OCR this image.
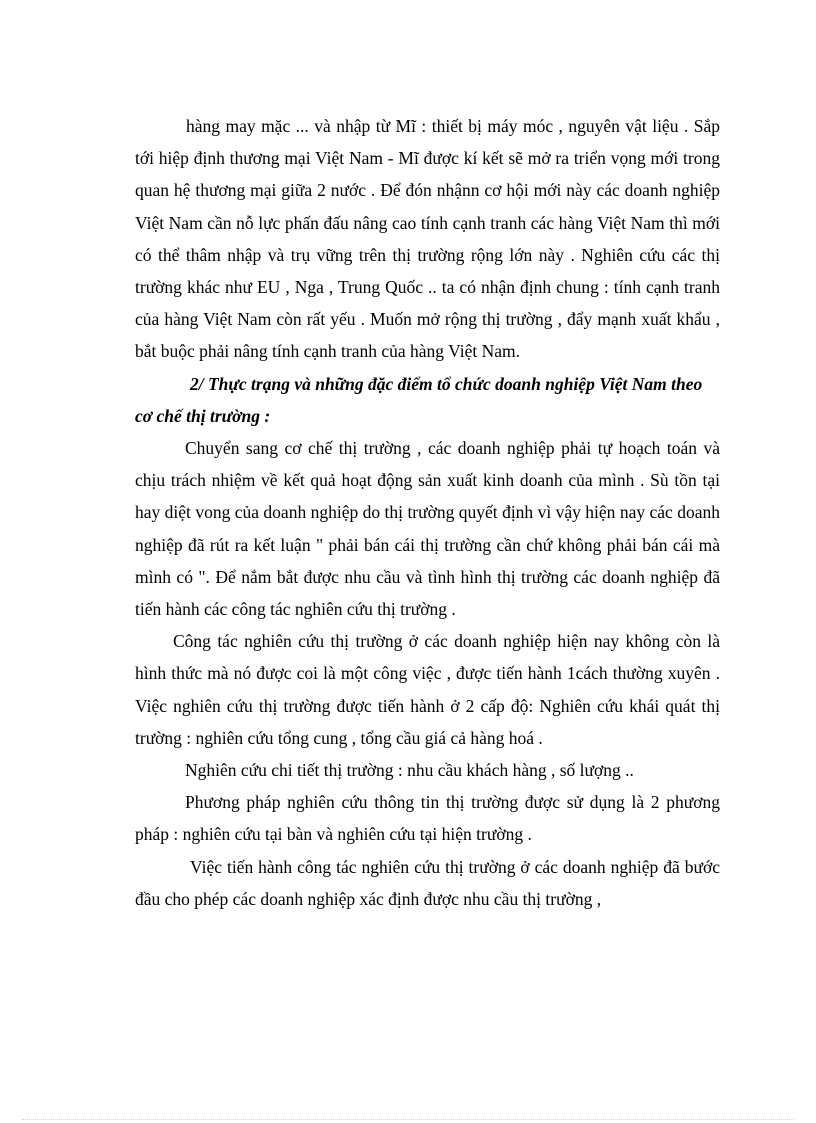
hàng may mặc ... và nhập từ Mĩ : thiết bị máy móc , nguyên vật liệu . Sắp tới hiệp định thương mại Việt Nam - Mĩ được kí kết sẽ mở ra triển vọng mới trong quan hệ thương mại giữa 2 nước . Để đón nhậnn cơ hội mới này các doanh nghiệp Việt Nam cần nỗ lực phấn đấu nâng cao tính cạnh tranh các hàng Việt Nam thì mới có thể thâm nhập và trụ vững trên thị trường rộng lớn này . Nghiên cứu các thị trường khác như EU , Nga , Trung Quốc .. ta có nhận định chung : tính cạnh tranh của hàng Việt Nam còn rất yếu . Muốn mở rộng thị trường , đẩy mạnh xuất khẩu , bắt buộc phải nâng tính cạnh tranh của hàng Việt Nam.

2/ Thực trạng và những đặc điểm tổ chức doanh nghiệp Việt Nam theo cơ chế thị trường :

Chuyển sang cơ chế thị trường , các doanh nghiệp phải tự hoạch toán và chịu trách nhiệm về kết quả hoạt động sản xuất kinh doanh của mình . Sù tồn tại hay diệt vong của doanh nghiệp do thị trường quyết định vì vậy hiện nay các doanh nghiệp đã rút ra kết luận " phải bán cái thị trường cần chứ không phải bán cái mà mình có ". Để nắm bắt được nhu cầu và tình hình thị trường các doanh nghiệp đã tiến hành các công tác nghiên cứu thị trường .

Công tác nghiên cứu thị trường ở các doanh nghiệp hiện nay không còn là hình thức mà nó được coi là một công việc , được tiến hành 1cách thường xuyên . Việc nghiên cứu thị trường được tiến hành ở 2 cấp độ: Nghiên cứu khái quát thị trường : nghiên cứu tổng cung , tổng cầu giá cả hàng hoá .

Nghiên cứu chi tiết thị trường : nhu cầu khách hàng , số lượng ..

Phương pháp nghiên cứu thông tin thị trường được sử dụng là 2 phương pháp : nghiên cứu tại bàn và nghiên cứu tại hiện trường .

Việc tiến hành công tác nghiên cứu thị trường ở các doanh nghiệp đã bước đầu cho phép các doanh nghiệp xác định được nhu cầu thị trường ,
